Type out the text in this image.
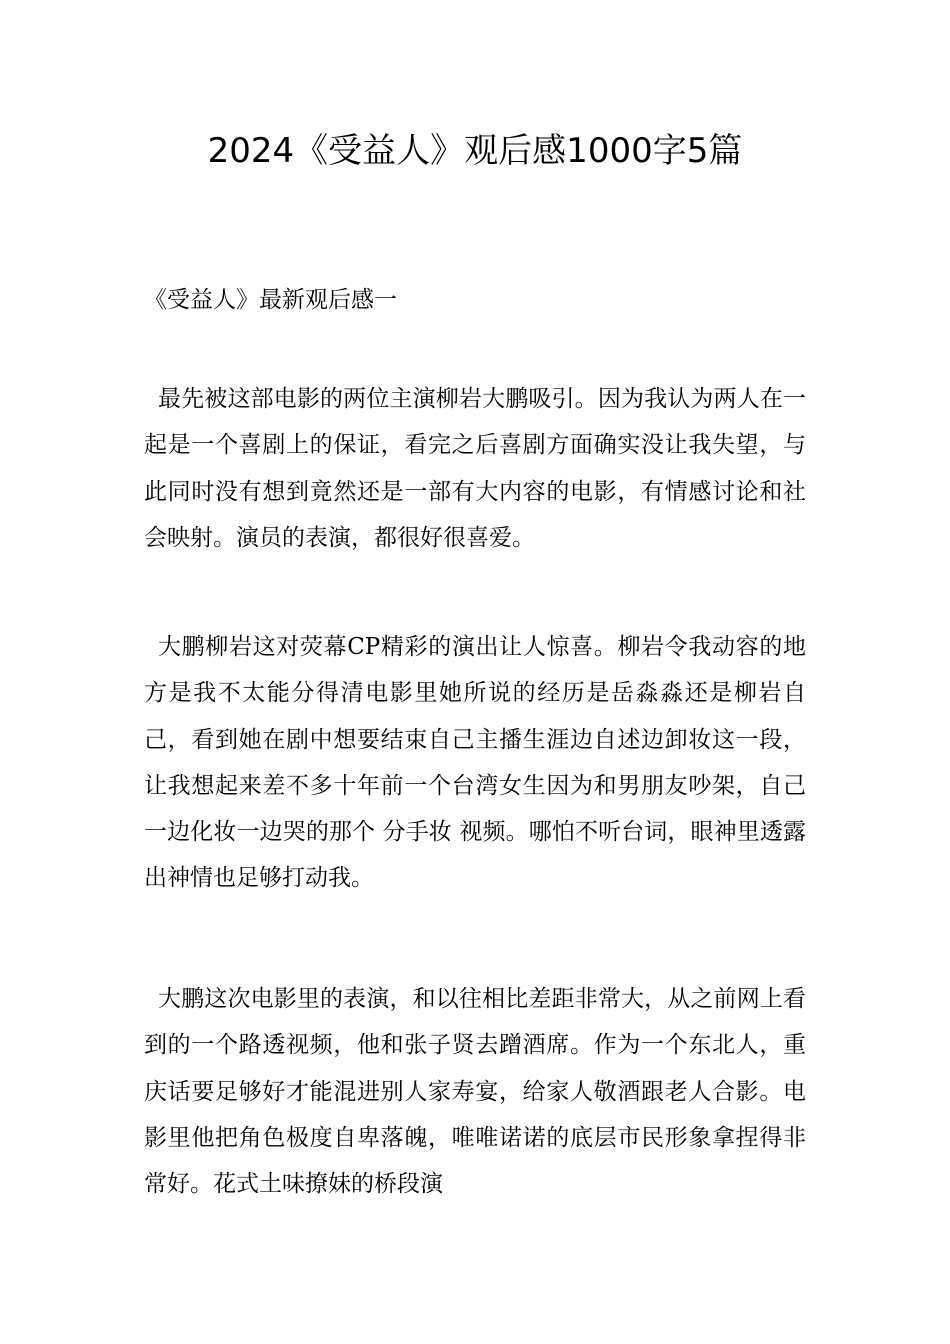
2024《受益人》观后感1000字5篇

《受益人》最新观后感一

最先被这部电影的两位主演柳岩大鹏吸引。因为我认为两人在一起是一个喜剧上的保证，看完之后喜剧方面确实没让我失望，与此同时没有想到竟然还是一部有大内容的电影，有情感讨论和社会映射。演员的表演，都很好很喜爱。

大鹏柳岩这对荧幕CP精彩的演出让人惊喜。柳岩令我动容的地方是我不太能分得清电影里她所说的经历是岳淼淼还是柳岩自己，看到她在剧中想要结束自己主播生涯边自述边卸妆这一段，让我想起来差不多十年前一个台湾女生因为和男朋友吵架，自己一边化妆一边哭的那个 分手妆 视频。哪怕不听台词，眼神里透露出神情也足够打动我。

大鹏这次电影里的表演，和以往相比差距非常大，从之前网上看到的一个路透视频，他和张子贤去蹭酒席。作为一个东北人，重庆话要足够好才能混进别人家寿宴，给家人敬酒跟老人合影。电影里他把角色极度自卑落魄，唯唯诺诺的底层市民形象拿捏得非常好。花式土味撩妹的桥段演
